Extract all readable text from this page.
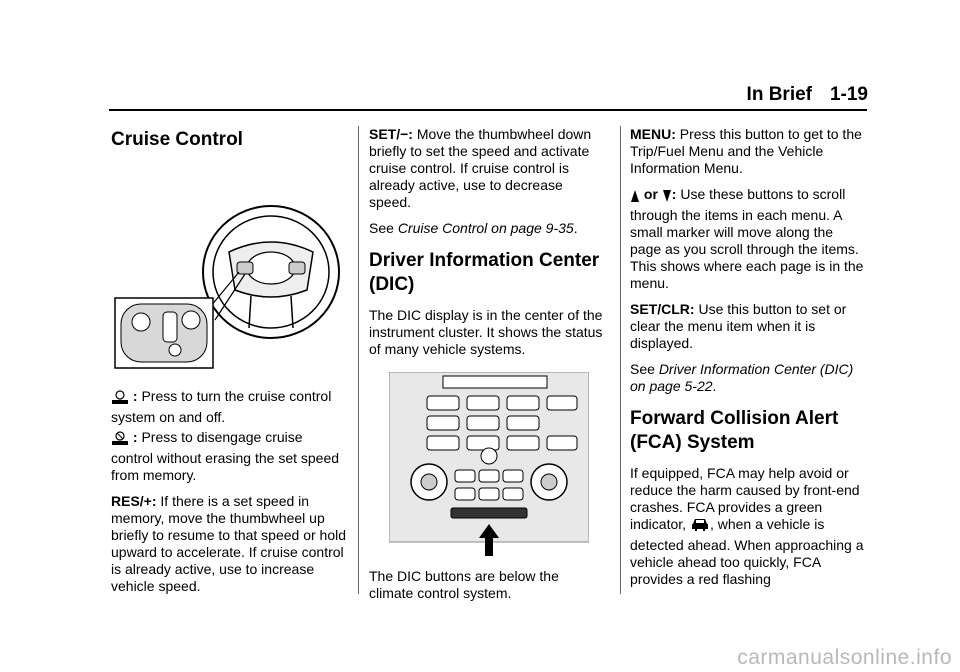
In Brief 1-19
Cruise Control

: Press to turn the cruise control system on and off.

: Press to disengage cruise control without erasing the set speed from memory.

RES/+: If there is a set speed in memory, move the thumbwheel up briefly to resume to that speed or hold upward to accelerate. If cruise control is already active, use to increase vehicle speed.

SET/−: Move the thumbwheel down briefly to set the speed and activate cruise control. If cruise control is already active, use to decrease speed.

See Cruise Control on page 9-35.

Driver Information Center (DIC)

The DIC display is in the center of the instrument cluster. It shows the status of many vehicle systems.

The DIC buttons are below the climate control system.

MENU: Press this button to get to the Trip/Fuel Menu and the Vehicle Information Menu.

or : Use these buttons to scroll through the items in each menu. A small marker will move along the page as you scroll through the items. This shows where each page is in the menu.

SET/CLR: Use this button to set or clear the menu item when it is displayed.

See Driver Information Center (DIC) on page 5-22.

Forward Collision Alert (FCA) System

If equipped, FCA may help avoid or reduce the harm caused by front-end crashes. FCA provides a green indicator, , when a vehicle is detected ahead. When approaching a vehicle ahead too quickly, FCA provides a red flashing

carmanualsonline.info
